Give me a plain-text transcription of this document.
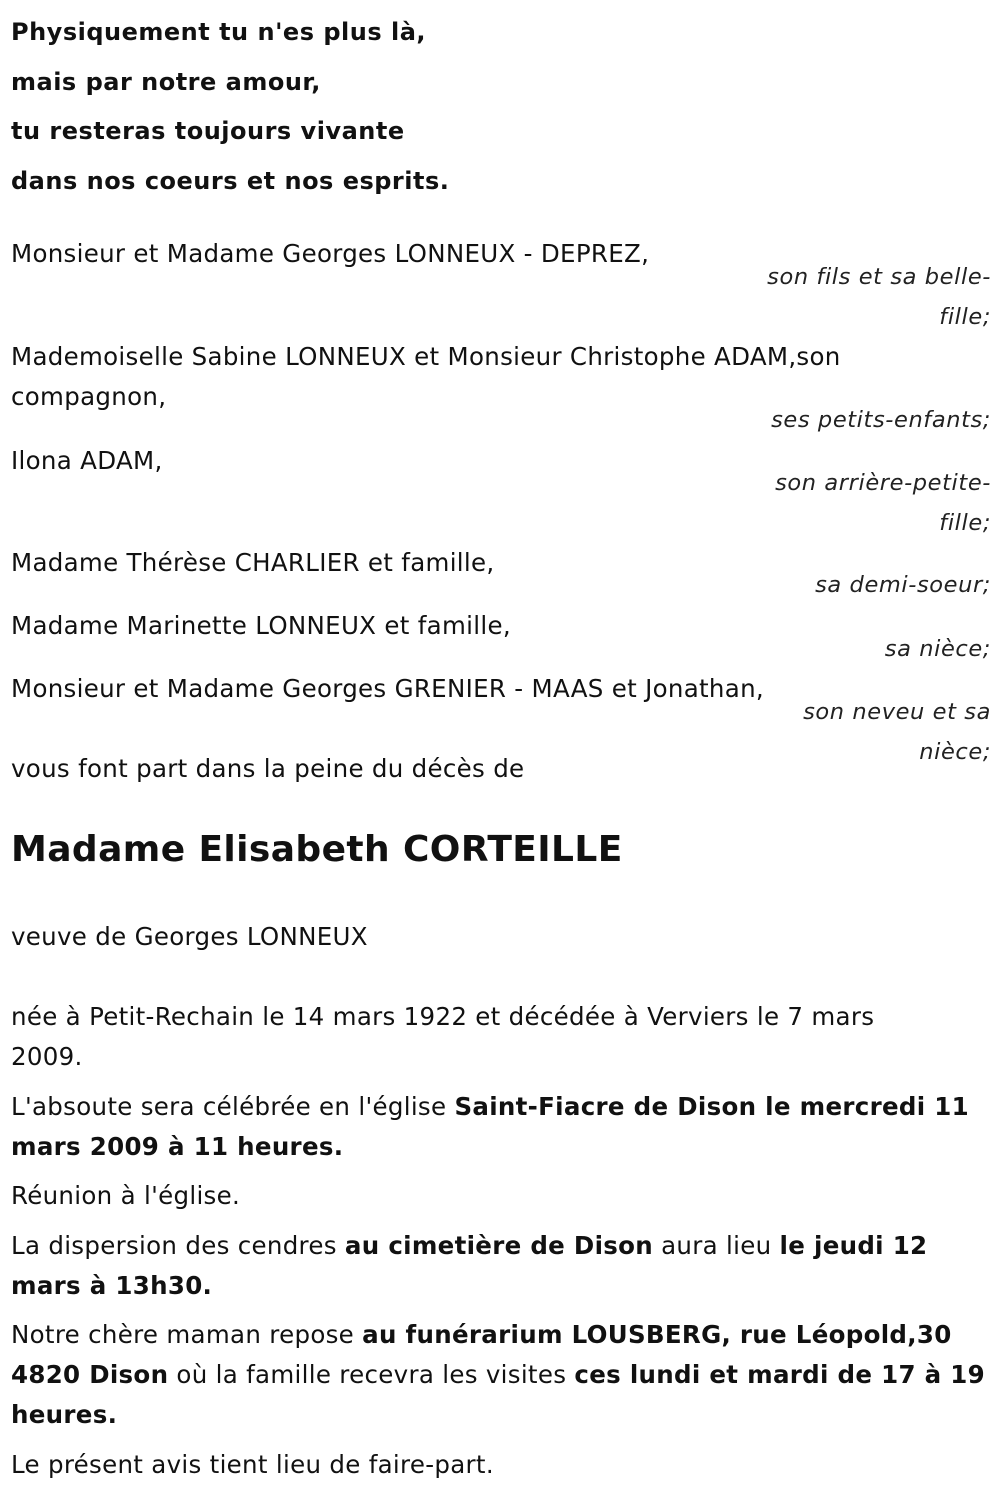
Physiquement tu n'es plus là,
mais par notre amour,
tu resteras toujours vivante
dans nos coeurs et nos esprits.
Monsieur et Madame Georges LONNEUX - DEPREZ,
son fils et sa belle-
fille;
Mademoiselle Sabine LONNEUX et Monsieur Christophe ADAM,son compagnon,
ses petits-enfants;
Ilona ADAM,
son arrière-petite-
fille;
Madame Thérèse CHARLIER et famille,
sa demi-soeur;
Madame Marinette LONNEUX et famille,
sa nièce;
Monsieur et Madame Georges GRENIER - MAAS et Jonathan,
son neveu et sa
nièce;
vous font part dans la peine du décès de
Madame Elisabeth CORTEILLE
veuve de Georges LONNEUX
née à Petit-Rechain le 14 mars 1922 et décédée à Verviers le 7 mars 2009.
L'absoute sera célébrée en l'église Saint-Fiacre de Dison le mercredi 11 mars 2009 à 11 heures.
Réunion à l'église.
La dispersion des cendres au cimetière de Dison aura lieu le jeudi 12 mars à 13h30.
Notre chère maman repose au funérarium LOUSBERG, rue Léopold,30 4820 Dison où la famille recevra les visites ces lundi et mardi de 17 à 19 heures.
Le présent avis tient lieu de faire-part.
